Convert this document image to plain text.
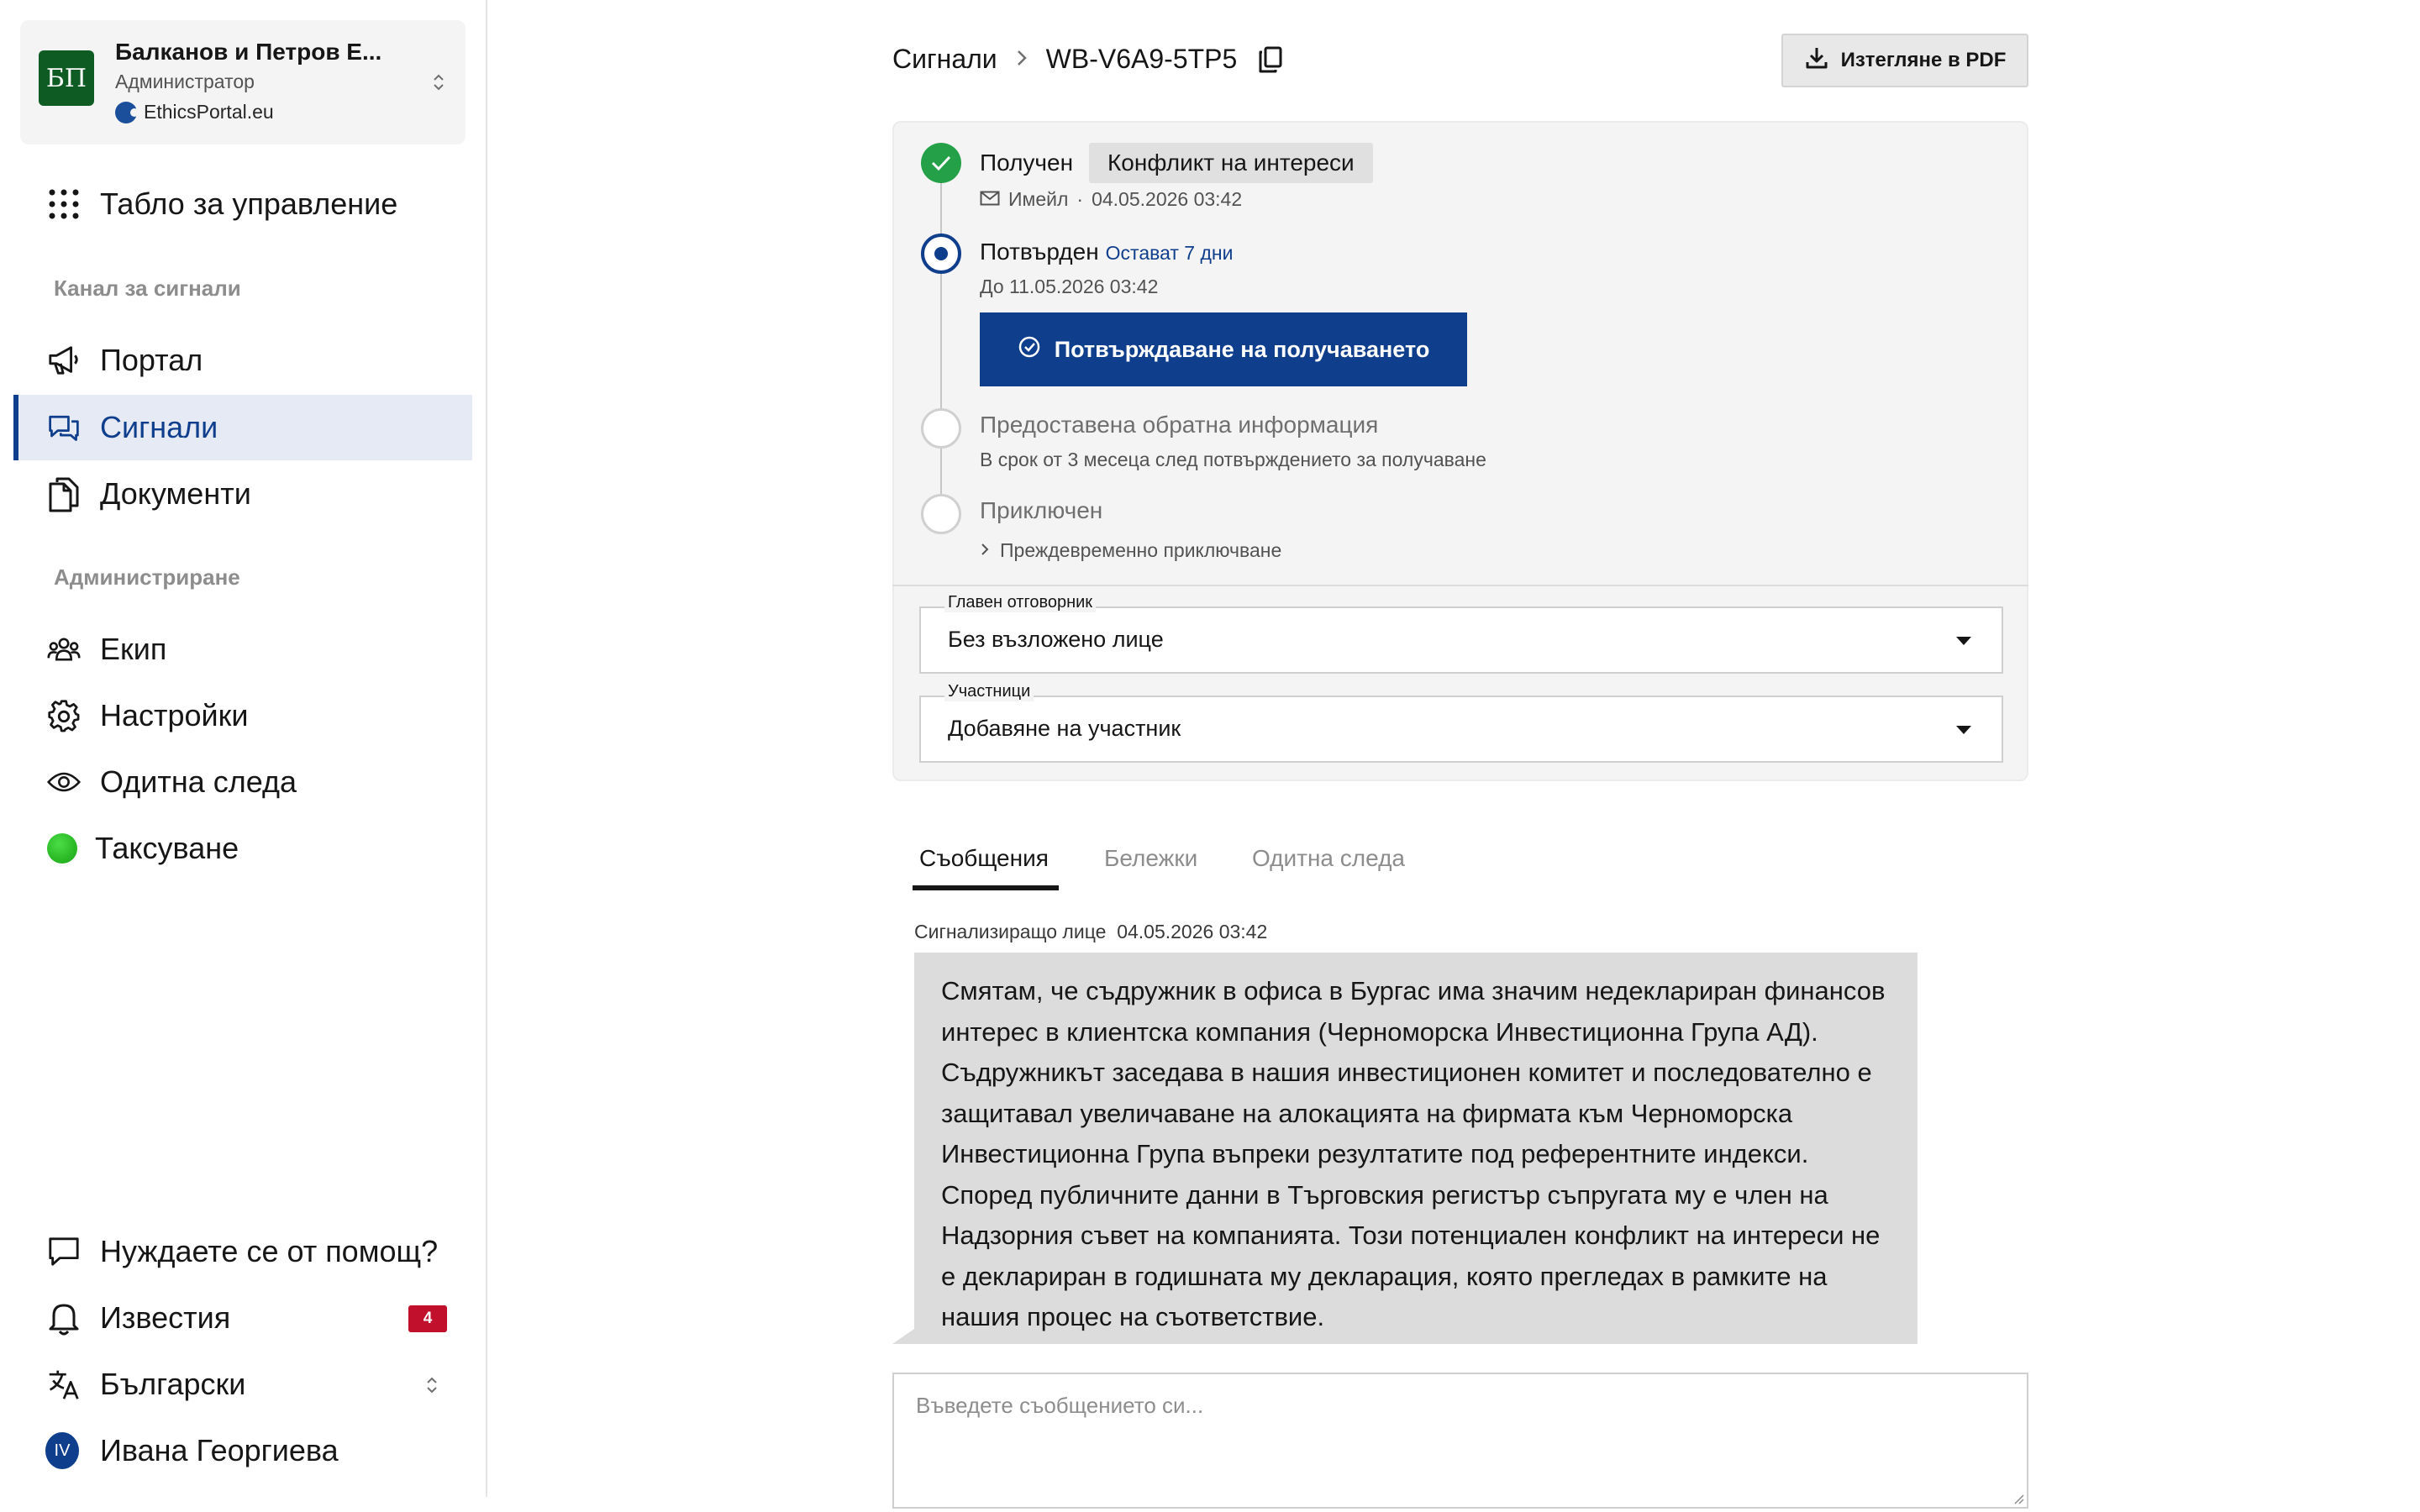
БП
Балканов и Петров Е...
Администратор
EthicsPortal.eu
Табло за управление
Канал за сигнали
Портал
Сигнали
Документи
Администриране
Екип
Настройки
Одитна следа
Таксуване
Нуждаете се от помощ?
Известия	4
Български
IV Ивана Георгиева
Сигнали WB-V6A9-5TP5	Изтегляне в PDF
Получен	Конфликт на интереси
Имейл · 04.05.2026 03:42
Потвърден Остават 7 дни
До 11.05.2026 03:42
Потвърждаване на получаването
Предоставена обратна информация
В срок от 3 месеца след потвърждението за получаване
Приключен
Преждевременно приключване
Без възложено лице
Главен отговорник
Добавяне на участник
Участници
Съобщения Бележки Одитна следа
Сигнализиращо лице 04.05.2026 03:42
Смятам, че съдружник в офиса в Бургас има значим недеклариран финансов интерес в клиентска компания (Черноморска Инвестиционна Група АД). Съдружникът заседава в нашия инвестиционен комитет и последователно е защитавал увеличаване на алокацията на фирмата към Черноморска Инвестиционна Група въпреки резултатите под референтните индекси. Според публичните данни в Търговския регистър съпругата му е член на Надзорния съвет на компанията. Този потенциален конфликт на интереси не е деклариран в годишната му декларация, която прегледах в рамките на нашия процес на съответствие.
Въведете съобщението си...
